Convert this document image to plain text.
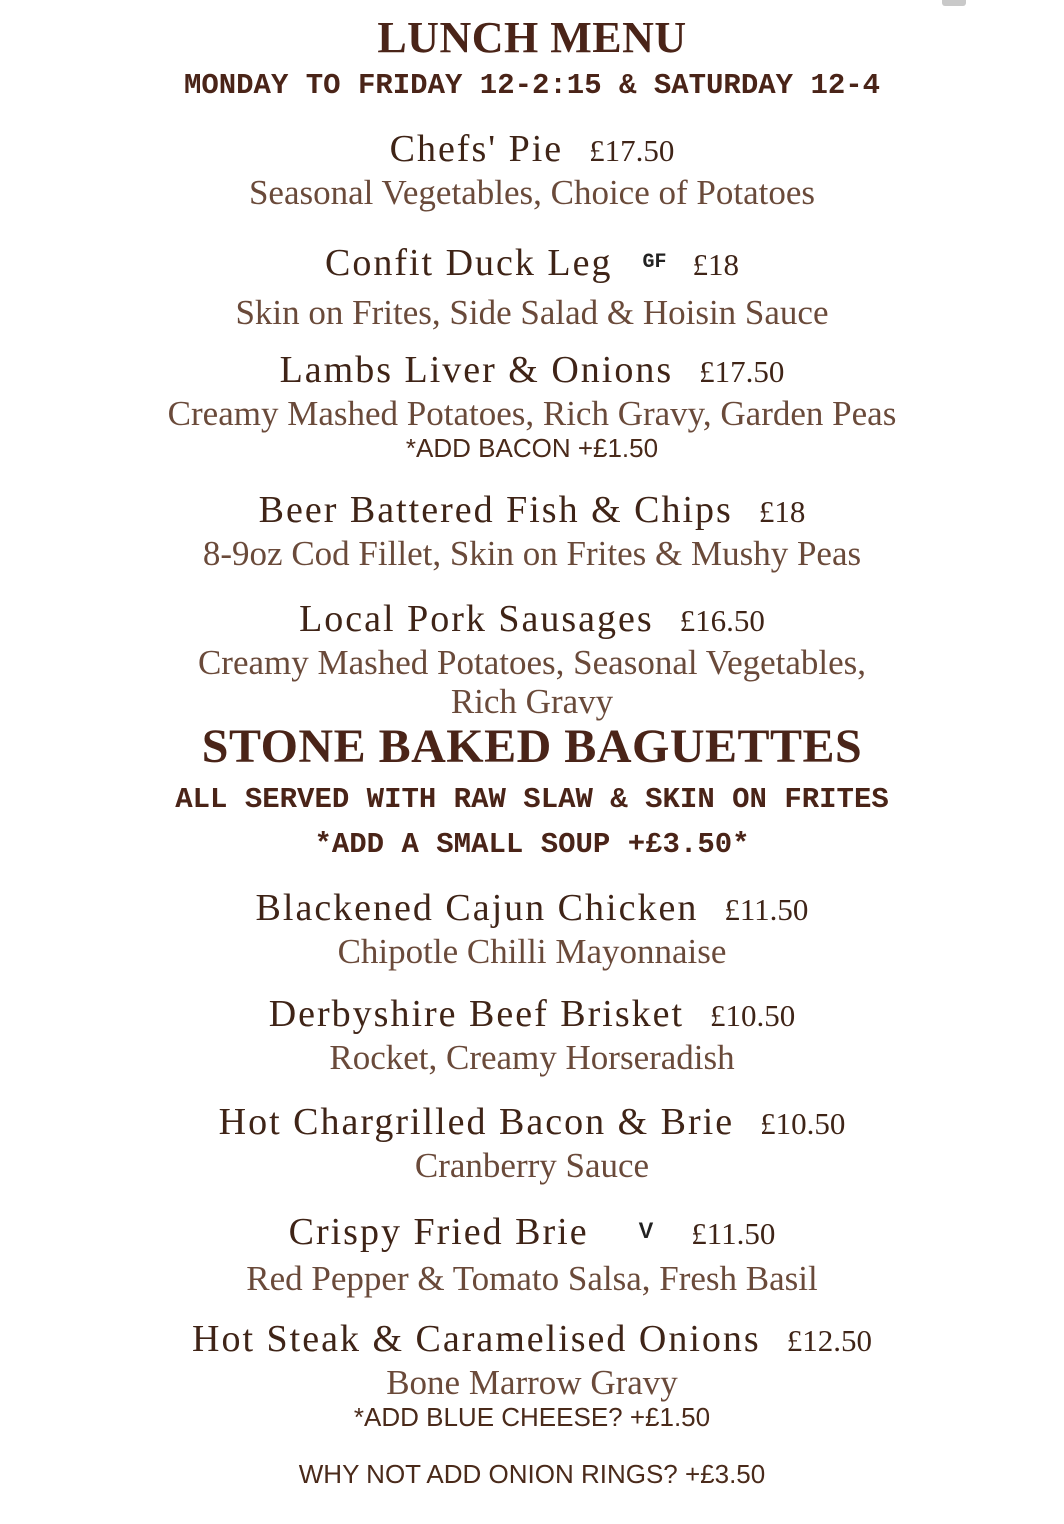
LUNCH MENU
MONDAY TO FRIDAY 12-2:15 & SATURDAY 12-4
Chefs' Pie £17.50
Seasonal Vegetables, Choice of Potatoes
Confit Duck Leg $^{GF}$ £18
Skin on Frites, Side Salad & Hoisin Sauce
Lambs Liver & Onions £17.50
Creamy Mashed Potatoes, Rich Gravy, Garden Peas
*ADD BACON +£1.50
Beer Battered Fish & Chips £18
8-9oz Cod Fillet, Skin on Frites & Mushy Peas
Local Pork Sausages £16.50
Creamy Mashed Potatoes, Seasonal Vegetables,
Rich Gravy
STONE BAKED BAGUETTES
ALL SERVED WITH RAW SLAW & SKIN ON FRITES
*ADD A SMALL SOUP +£3.50*
Blackened Cajun Chicken £11.50
Chipotle Chilli Mayonnaise
Derbyshire Beef Brisket £10.50
Rocket, Creamy Horseradish
Hot Chargrilled Bacon & Brie £10.50
Cranberry Sauce
Crispy Fried Brie V £11.50
Red Pepper & Tomato Salsa, Fresh Basil
Hot Steak & Caramelised Onions £12.50
Bone Marrow Gravy
*ADD BLUE CHEESE? +£1.50
WHY NOT ADD ONION RINGS? +£3.50
